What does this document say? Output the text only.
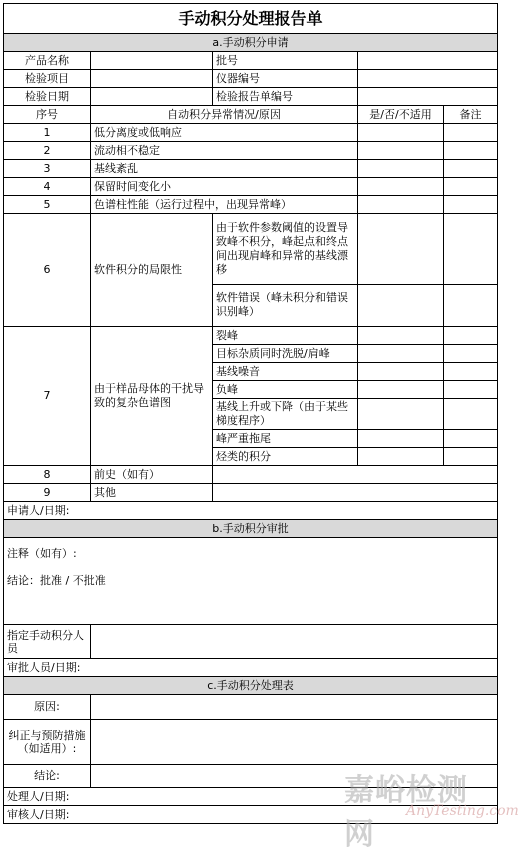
手动积分处理报告单				
a.手动积分申请				
产品名称		批号		
检验项目		仪器编号		
检验日期		检验报告单编号		
序号	自动积分异常情况/原因		是/否/不适用	备注
1	低分离度或低响应			
2	流动相不稳定			
3	基线紊乱			
4	保留时间变化小			
5	色谱柱性能（运行过程中，出现异常峰）			
6	软件积分的局限性	由于软件参数阈值的设置导致峰不积分，峰起点和终点间出现肩峰和异常的基线漂移		
		软件错误（峰未积分和错误识别峰）		
7	由于样品母体的干扰导致的复杂色谱图	裂峰		
		目标杂质同时洗脱/肩峰		
		基线噪音		
		负峰		
		基线上升或下降（由于某些梯度程序）		
		峰严重拖尾		
		烃类的积分		
8	前史（如有）			
9	其他			
申请人/日期:				
b.手动积分审批				

注释（如有）:
结论：批准 / 不批准				

指定手动积分人员				
审批人员/日期:				
c.手动积分处理表				
原因:				
纠正与预防措施（如适用）:				
结论:				
处理人/日期:				
审核人/日期:				
嘉峪检测网
AnyTesting.com
